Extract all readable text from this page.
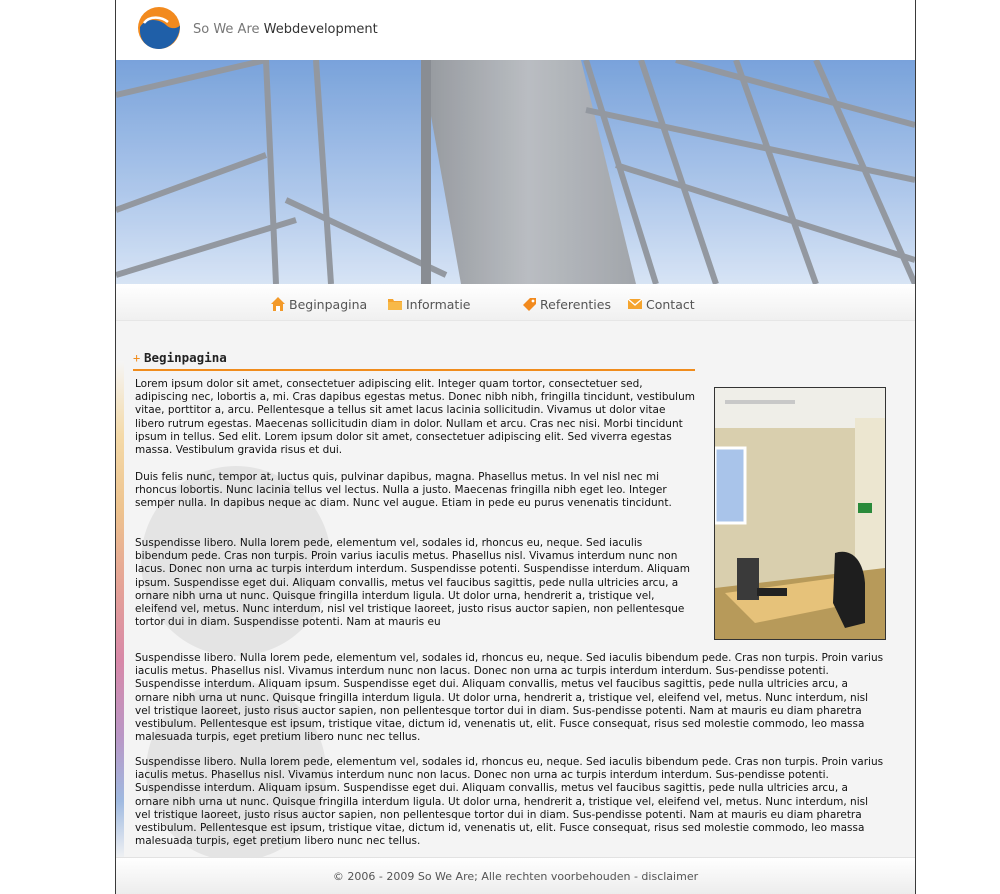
So We Are Webdevelopment
Beginpagina	Informatie	Referenties	Contact
+ Beginpagina

Lorem ipsum dolor sit amet, consectetuer adipiscing elit. Integer quam tortor, consectetuer sed, adipiscing nec, lobortis a, mi. Cras dapibus egestas metus. Donec nibh nibh, fringilla tincidunt, vestibulum vitae, porttitor a, arcu. Pellentesque a tellus sit amet lacus lacinia sollicitudin. Vivamus ut dolor vitae libero rutrum egestas. Maecenas sollicitudin diam in dolor. Nullam et arcu. Cras nec nisi. Morbi tincidunt ipsum in tellus. Sed elit. Lorem ipsum dolor sit amet, consectetuer adipiscing elit. Sed viverra egestas massa. Vestibulum gravida risus et dui.

Duis felis nunc, tempor at, luctus quis, pulvinar dapibus, magna. Phasellus metus. In vel nisl nec mi rhoncus lobortis. Nunc lacinia tellus vel lectus. Nulla a justo. Maecenas fringilla nibh eget leo. Integer semper nulla. In dapibus neque ac diam. Nunc vel augue. Etiam in pede eu purus venenatis tincidunt.

Suspendisse libero. Nulla lorem pede, elementum vel, sodales id, rhoncus eu, neque. Sed iaculis bibendum pede. Cras non turpis. Proin varius iaculis metus. Phasellus nisl. Vivamus interdum nunc non lacus. Donec non urna ac turpis interdum interdum. Suspendisse potenti. Suspendisse interdum. Aliquam ipsum. Suspendisse eget dui. Aliquam convallis, metus vel faucibus sagittis, pede nulla ultricies arcu, a ornare nibh urna ut nunc. Quisque fringilla interdum ligula. Ut dolor urna, hendrerit a, tristique vel, eleifend vel, metus. Nunc interdum, nisl vel tristique laoreet, justo risus auctor sapien, non pellentesque tortor dui in diam. Suspendisse potenti. Nam at mauris eu

Suspendisse libero. Nulla lorem pede, elementum vel, sodales id, rhoncus eu, neque. Sed iaculis bibendum pede. Cras non turpis. Proin varius iaculis metus. Phasellus nisl. Vivamus interdum nunc non lacus. Donec non urna ac turpis interdum interdum. Sus-pendisse potenti. Suspendisse interdum. Aliquam ipsum. Suspendisse eget dui. Aliquam convallis, metus vel faucibus sagittis, pede nulla ultricies arcu, a ornare nibh urna ut nunc. Quisque fringilla interdum ligula. Ut dolor urna, hendrerit a, tristique vel, eleifend vel, metus. Nunc interdum, nisl vel tristique laoreet, justo risus auctor sapien, non pellentesque tortor dui in diam. Sus-pendisse potenti. Nam at mauris eu diam pharetra vestibulum. Pellentesque est ipsum, tristique vitae, dictum id, venenatis ut, elit. Fusce consequat, risus sed molestie commodo, leo massa malesuada turpis, eget pretium libero nunc nec tellus.

Suspendisse libero. Nulla lorem pede, elementum vel, sodales id, rhoncus eu, neque. Sed iaculis bibendum pede. Cras non turpis. Proin varius iaculis metus. Phasellus nisl. Vivamus interdum nunc non lacus. Donec non urna ac turpis interdum interdum. Sus-pendisse potenti. Suspendisse interdum. Aliquam ipsum. Suspendisse eget dui. Aliquam convallis, metus vel faucibus sagittis, pede nulla ultricies arcu, a ornare nibh urna ut nunc. Quisque fringilla interdum ligula. Ut dolor urna, hendrerit a, tristique vel, eleifend vel, metus. Nunc interdum, nisl vel tristique laoreet, justo risus auctor sapien, non pellentesque tortor dui in diam. Sus-pendisse potenti. Nam at mauris eu diam pharetra vestibulum. Pellentesque est ipsum, tristique vitae, dictum id, venenatis ut, elit. Fusce consequat, risus sed molestie commodo, leo massa malesuada turpis, eget pretium libero nunc nec tellus.

© 2006 - 2009 So We Are; Alle rechten voorbehouden - disclaimer
